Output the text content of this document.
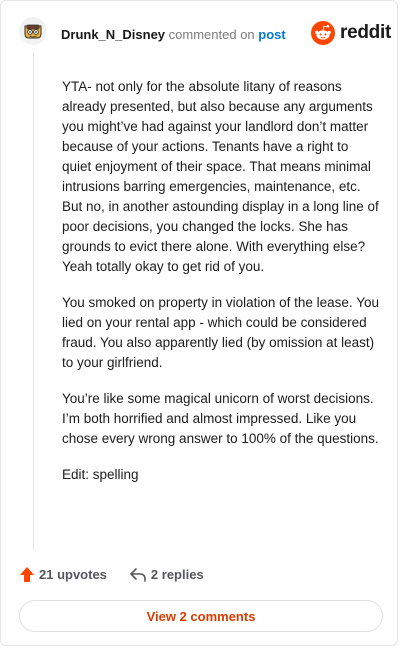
Drunk_N_Disney commented on post	reddit

YTA- not only for the absolute litany of reasons already presented, but also because any arguments you might’ve had against your landlord don’t matter because of your actions. Tenants have a right to quiet enjoyment of their space. That means minimal intrusions barring emergencies, maintenance, etc. But no, in another astounding display in a long line of poor decisions, you changed the locks. She has grounds to evict there alone. With everything else? Yeah totally okay to get rid of you.

You smoked on property in violation of the lease. You lied on your rental app - which could be considered fraud. You also apparently lied (by omission at least) to your girlfriend.

You’re like some magical unicorn of worst decisions. I’m both horrified and almost impressed. Like you chose every wrong answer to 100% of the questions.

Edit: spelling

21 upvotes	2 replies
View 2 comments
